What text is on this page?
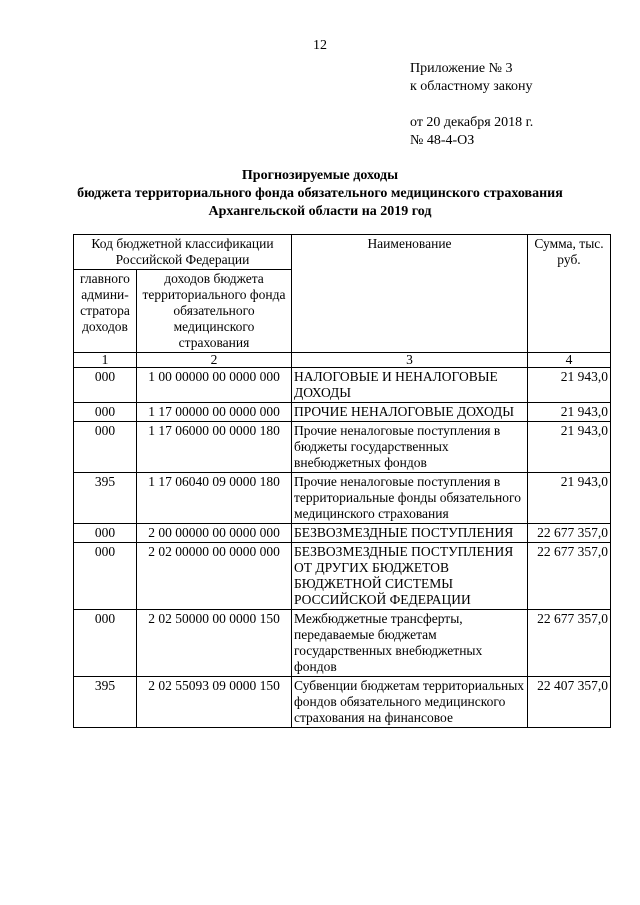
12
Приложение № 3
к областному закону
от 20 декабря 2018 г.
№ 48-4-ОЗ
Прогнозируемые доходы
бюджета территориального фонда обязательного медицинского страхования
Архангельской области на 2019 год
Код бюджетной классификации Российской Федерации		Наименование	Сумма, тыс. руб.
главного админи-стратора доходов	доходов бюджета территориального фонда обязательного медицинского страхования		
1	2	3	4
000	1 00 00000 00 0000 000	НАЛОГОВЫЕ И НЕНАЛОГОВЫЕ ДОХОДЫ	21 943,0
000	1 17 00000 00 0000 000	ПРОЧИЕ НЕНАЛОГОВЫЕ ДОХОДЫ	21 943,0
000	1 17 06000 00 0000 180	Прочие неналоговые поступления в бюджеты государственных внебюджетных фондов	21 943,0
395	1 17 06040 09 0000 180	Прочие неналоговые поступления в территориальные фонды обязательного медицинского страхования	21 943,0
000	2 00 00000 00 0000 000	БЕЗВОЗМЕЗДНЫЕ ПОСТУПЛЕНИЯ	22 677 357,0
000	2 02 00000 00 0000 000	БЕЗВОЗМЕЗДНЫЕ ПОСТУПЛЕНИЯ ОТ ДРУГИХ БЮДЖЕТОВ БЮДЖЕТНОЙ СИСТЕМЫ РОССИЙСКОЙ ФЕДЕРАЦИИ	22 677 357,0
000	2 02 50000 00 0000 150	Межбюджетные трансферты, передаваемые бюджетам государственных внебюджетных фондов	22 677 357,0
395	2 02 55093 09 0000 150	Субвенции бюджетам территориальных фондов обязательного медицинского страхования на финансовое	22 407 357,0
